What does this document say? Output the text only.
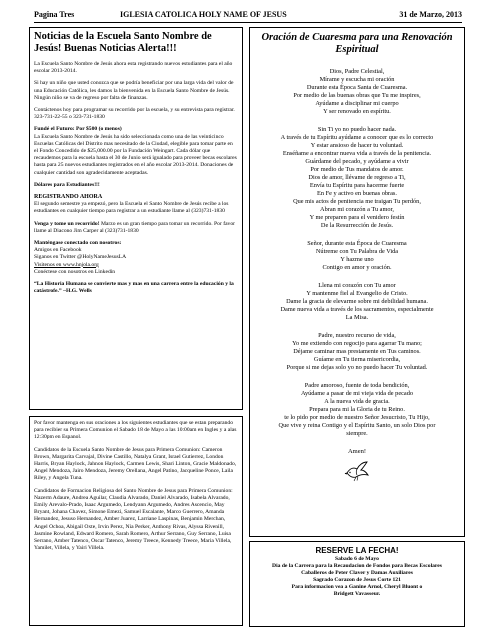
Pagina Tres	IGLESIA CATOLICA HOLY NAME OF JESUS	31 de Marzo, 2013
Noticias de la Escuela Santo Nombre de Jesús! Buenas Noticias Alerta!!!

La Escuela Santo Nombre de Jesús ahora esta registrando nuevos estudiantes para el año escolar 2013-2014.

Si hay un niño que usted conozca que se podría beneficiar por una larga vida del valor de una Educación Católica, les damos la bienvenida en la Escuela Santo Nombre de Jesús. Ningún niño se va de regreso por falta de finanzas.

Contáctenos hoy para programar su recorrido por la escuela, y su entrevista para registrar. 323-731-22-55 o 323-731-1830

Fundé el Futuro: Por $500 (o menos)

La Escuela Santo Nombre de Jesús ha sido seleccionada como una de las veinticinco Escuelas Católicas del Distrito mas necesitado de la Ciudad, elegible para tomar parte en el Fondo Concedido de $25,000.00 por la Fundación Weingart. Cada dólar que recaudemos para la escuela hasta el 30 de Junio será igualado para proveer becas escolares hasta para 25 nuevos estudiantes registrados en el año escolar 2013-2014. Donaciones de cualquier cantidad son agradecidamente aceptadas.

Dólares para Estudiantes!!!

REGISTRANDO AHORA

El segundo semestre ya empezó, pero la Escuela el Santo Nombre de Jesús recibe a los estudiantes en cualquier tiempo para registrar a un estudiante llame al (323)731-1830

Venga y tome un recorrido! Marzo es un gran tiempo para tomar un recorrido. Por favor llame al Diacono Jim Carper al (323)731-1830

Manténgase conectado con nosotros:

Amigos en Facebook

Siganos en Twitter @HolyNameJesusLA

Visitenos en www.hnjola.org

Conéctese con nosotros en Linkedin

“La Historia Humana se convierte mas y mas en una carrera entre la educación y la catástrofe.” ~H.G. Wells

Por favor mantenga en sus oraciones a los siguientes estudiantes que se estan preparando para recibier su Primera Comunion el Sabado 18 de Mayo a las 10:00am en Ingles y a alas 12:30pm en Espanol.

Candidatos de la Escuela Santo Nombre de Jesus para Primera Comunion: Cameron Brown, Margarita Carvajal, Divine Castillo, Natalya Grant, Israel Gutierrez, London Harris, Bryan Haylock, Jahnon Haylock, Carmen Lewis, Shari Linton, Gracie Maldonado, Angel Mendoza, Jairo Mendoza, Jeremy Orellana, Angel Patino, Jacqueline Ponce, Laila Riley, y Angela Tuna.

Candidatos de Formacion Religiosa del Santo Nombre de Jesus para Primera Comunion: Nazerm Adaure, Andrea Aguilar, Claudia Alvarado, Daniel Alvarado, Isabela Alvarado, Emily Arevalo-Prado, Isaac Argumedo, Lendyann Argumedo, Andres Ascencio, May Bryant, Johana Chavez, Simone Emezi, Samuel Escalante, Marco Guerrero, Amanda Hernandez, Jesuso Hernandez, Amber Juarez, Larriane Laspinas, Benjamin Merchan, Angel Ochoa, Abigail Oxte, Irvin Perez, Nia Perker, Anthony Rivas, Alyssa Rivenill, Jasmine Rowland, Edward Romero, Sarah Romero, Arthur Serrano, Guy Serrano, Luisa Serrano, Amber Tatenco, Oscar Tatenco, Jeremy Treece, Kennedy Treece, Maria Villela, Yamilet, Villela, y Yairi Villela.

Oración de Cuaresma para una Renovación Espiritual
Dios, Padre Celestial,
Mírame y escucha mi oración
Durante esta Época Santa de Cuaresma.
Por medio de las buenas obras que Tu me inspires,
Ayúdame a disciplinar mi cuerpo
Y ser renovado en espíritu.
Sin Ti yo no puedo hacer nada.
A través de tu Espíritu ayúdame a conocer que es lo correcto
Y estar ansioso de hacer tu voluntad.
Enséñame a encontrar nueva vida a través de la penitencia.
Guárdame del pecado, y ayúdame a vivir
Por medio de Tus mandatos de amor.
Dios de amor, llévame de regreso a Ti,
Envía tu Espíritu para hacerme fuerte
En Fe y activo en buenas obras.
Que mis actos de penitencia me traigan Tu perdón,
Abran mi corazón a Tu amor,
Y me preparen para el venidero festín
De la Resurrección de Jesús.
Señor, durante esta Época de Cuaresma
Nútreme con Tu Palabra de Vida
Y hazme uno
Contigo en amor y oración.
Llena mi corazón con Tu amor
Y mantenme fiel al Evangelio de Cristo.
Dame la gracia de elevarme sobre mi debilidad humana.
Dame nueva vida a través de los sacramentos, especialmente
La Misa.
Padre, nuestro recurso de vida,
Yo me extiendo con regocijo para agarrar Tu mano;
Déjame caminar mas prestamente en Tus caminos.
Guíame en Tu tierna misericordia,
Porque si me dejas solo yo no puedo hacer Tu voluntad.
Padre amoroso, fuente de toda bendición,
Ayúdame a pasar de mi vieja vida de pecado
A la nueva vida de gracia.
Prepara para mi la Gloria de tu Reino.
te lo pido por medio de nuestro Señor Jesucristo, Tu Hijo,
Que vive y reina Contigo y el Espíritu Santo, un solo Dios por
siempre.
Amen!
RESERVE LA FECHA!
Sabado 6 de Mayo
Dia de la Carrera para la Recaudacion de Fondos para Becas Escolares
Caballeros de Peter Claver y Damas Auxiliares
Sagrado Corazon de Jesus Corte 121
Para informacion vea a Ganine Arnol, Cheryl Bluont o
Bridgett Vavasseur.
